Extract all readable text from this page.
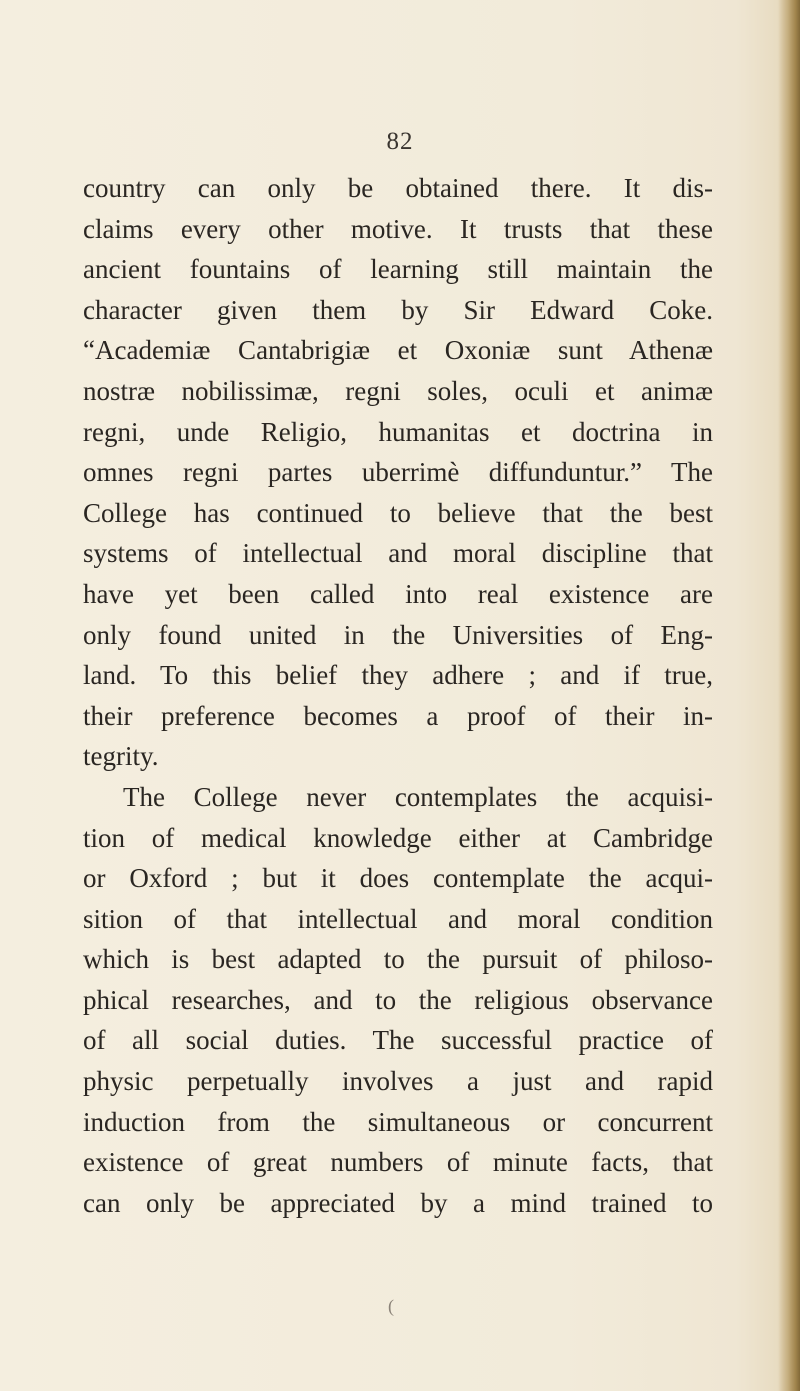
82
country can only be obtained there. It dis-
claims every other motive. It trusts that these
ancient fountains of learning still maintain the
character given them by Sir Edward Coke.
“Academiæ Cantabrigiæ et Oxoniæ sunt Athenæ
nostræ nobilissimæ, regni soles, oculi et animæ
regni, unde Religio, humanitas et doctrina in
omnes regni partes uberrimè diffunduntur.” The
College has continued to believe that the best
systems of intellectual and moral discipline that
have yet been called into real existence are
only found united in the Universities of Eng-
land. To this belief they adhere ; and if true,
their preference becomes a proof of their in-
tegrity.
The College never contemplates the acquisi-
tion of medical knowledge either at Cambridge
or Oxford ; but it does contemplate the acqui-
sition of that intellectual and moral condition
which is best adapted to the pursuit of philoso-
phical researches, and to the religious observance
of all social duties. The successful practice of
physic perpetually involves a just and rapid
induction from the simultaneous or concurrent
existence of great numbers of minute facts, that
can only be appreciated by a mind trained to
(
